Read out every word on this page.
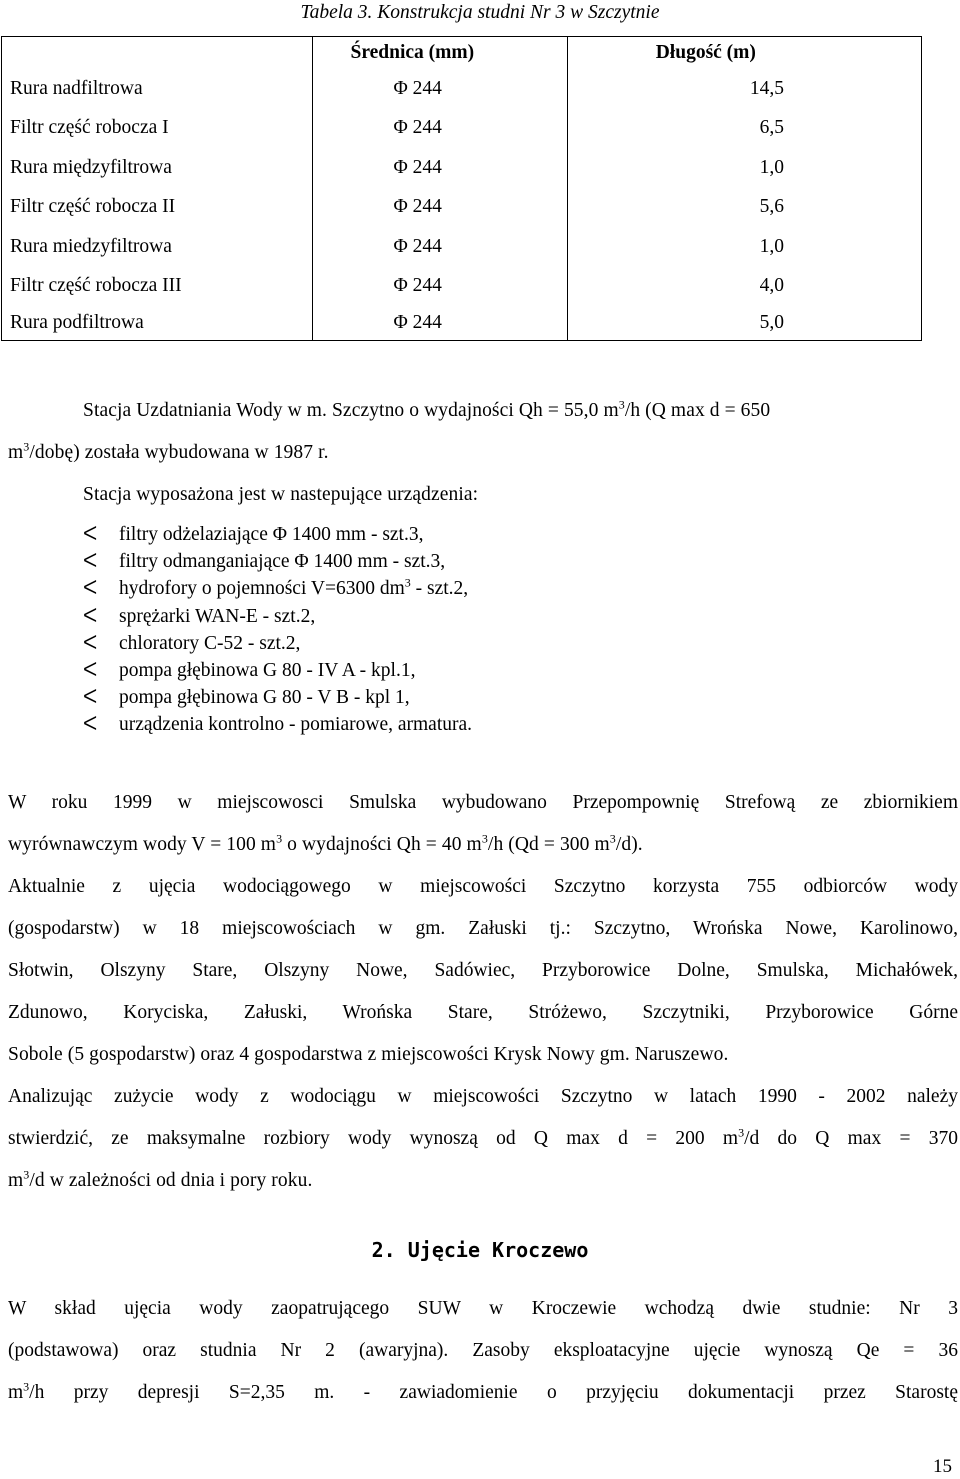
Tabela 3. Konstrukcja studni Nr 3 w Szczytnie
	Średnica (mm)	Długość (m)
Rura nadfiltrowa	Φ 244	14,5
Filtr część robocza I	Φ 244	6,5
Rura międzyfiltrowa	Φ 244	1,0
Filtr część robocza II	Φ 244	5,6
Rura miedzyfiltrowa	Φ 244	1,0
Filtr część robocza III	Φ 244	4,0
Rura podfiltrowa	Φ 244	5,0
Stacja Uzdatniania Wody w m. Szczytno o wydajności Qh = 55,0 $m^3/h$ (Q max d = 650
$m^3/dobę$) została wybudowana w 1987 r.
Stacja wyposażona jest w nastepujące urządzenia:
ᐸ filtry odżelaziające Φ 1400 mm - szt.3,
ᐸ filtry odmanganiające Φ 1400 mm - szt.3,
ᐸ hydrofory o pojemności V=6300 $dm^3 - szt.2$,
ᐸ sprężarki WAN-E - szt.2,
ᐸ chloratory C-52 - szt.2,
ᐸ pompa głębinowa G 80 - IV A - kpl.1,
ᐸ pompa głębinowa G 80 - V B - kpl 1,
ᐸ urządzenia kontrolno - pomiarowe, armatura.
W roku 1999 w miejscowosci Smulska wybudowano Przepompownię Strefową ze zbiornikiem
wyrównawczym wody V = 100 $m^3$ o wydajności Qh = 40 $m^3/h$ (Qd = 300 $m^3/d$).
Aktualnie z ujęcia wodociągowego w miejscowości Szczytno korzysta 755 odbiorców wody
(gospodarstw) w 18 miejscowościach w gm. Załuski tj.: Szczytno, Wrońska Nowe, Karolinowo,
Słotwin, Olszyny Stare, Olszyny Nowe, Sadówiec, Przyborowice Dolne, Smulska, Michałówek,
Zdunowo, Koryciska, Załuski, Wrońska Stare, Stróżewo, Szczytniki, Przyborowice Górne
Sobole (5 gospodarstw) oraz 4 gospodarstwa z miejscowości Krysk Nowy gm. Naruszewo.
Analizując zużycie wody z wodociągu w miejscowości Szczytno w latach 1990 - 2002 należy
stwierdzić, ze maksymalne rozbiory wody wynoszą od Q max d = 200 $m^3/d$ do Q max = 370
$m^3/d$ w zależności od dnia i pory roku.
2. Ujęcie Kroczewo
W skład ujęcia wody zaopatrującego SUW w Kroczewie wchodzą dwie studnie: Nr 3
(podstawowa) oraz studnia Nr 2 (awaryjna). Zasoby eksploatacyjne ujęcie wynoszą Qe = 36
$m^3/h$ przy depresji S=2,35 m. - zawiadomienie o przyjęciu dokumentacji przez Starostę
15
